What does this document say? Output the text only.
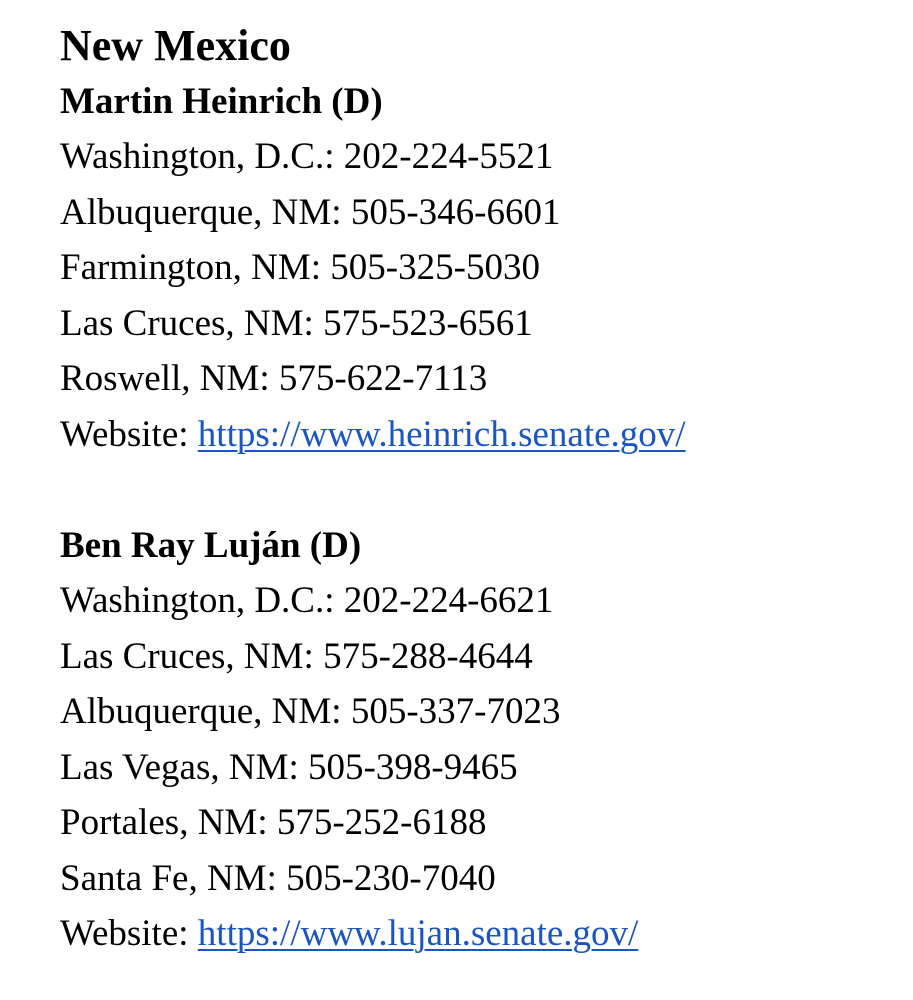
New Mexico
Martin Heinrich (D)

Washington, D.C.: 202-224-5521

Albuquerque, NM: 505-346-6601

Farmington, NM: 505-325-5030

Las Cruces, NM: 575-523-6561

Roswell, NM: 575-622-7113

Website: https://www.heinrich.senate.gov/

Ben Ray Luján (D)

Washington, D.C.: 202-224-6621

Las Cruces, NM: 575-288-4644

Albuquerque, NM: 505-337-7023

Las Vegas, NM: 505-398-9465

Portales, NM: 575-252-6188

Santa Fe, NM: 505-230-7040

Website: https://www.lujan.senate.gov/
